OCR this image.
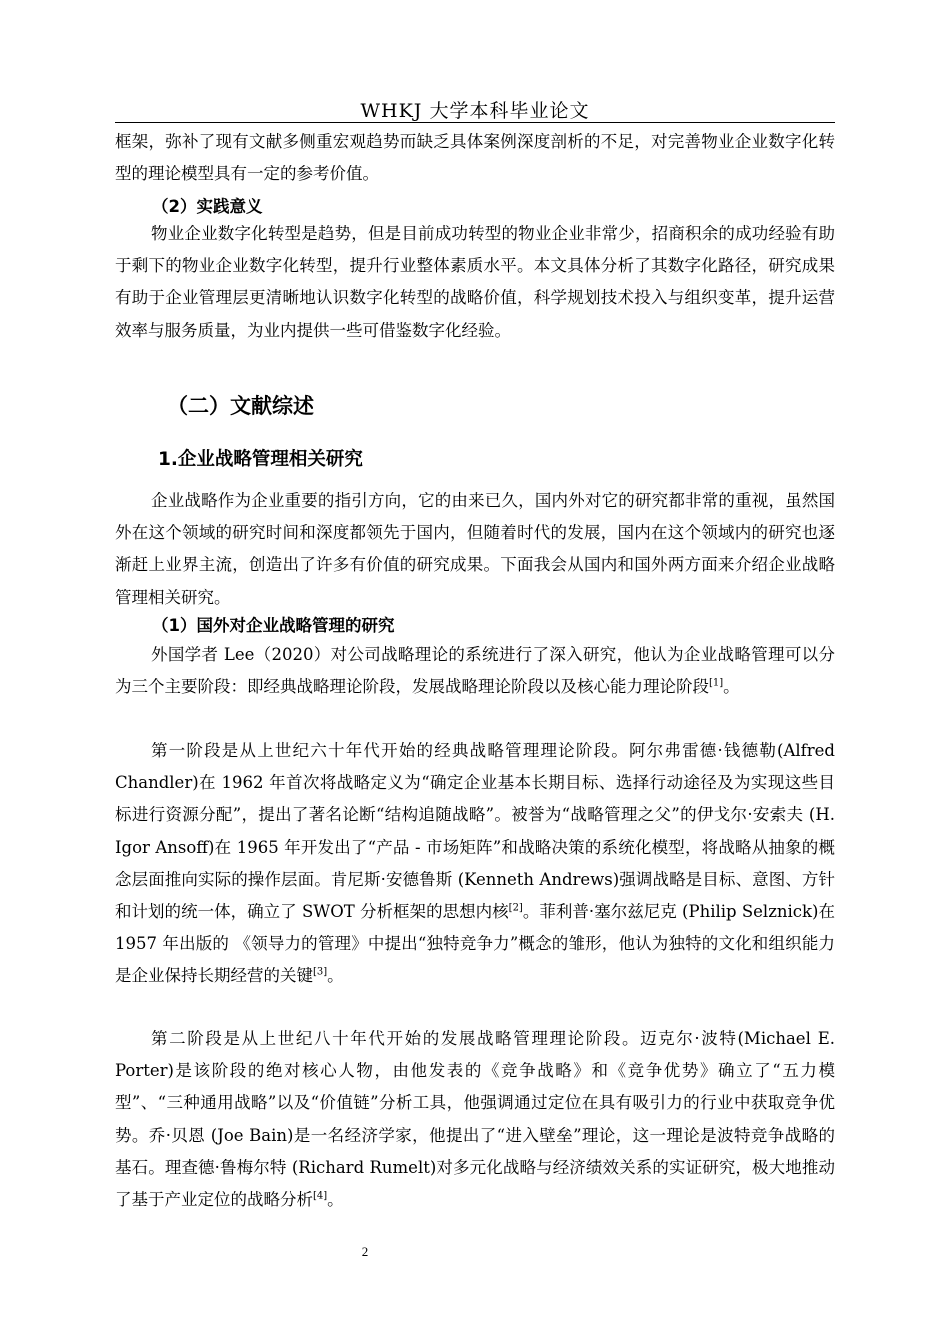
WHKJ 大学本科毕业论文
框架，弥补了现有文献多侧重宏观趋势而缺乏具体案例深度剖析的不足，对完善物业企业数字化转型的理论模型具有一定的参考价值。
（2）实践意义
物业企业数字化转型是趋势，但是目前成功转型的物业企业非常少，招商积余的成功经验有助于剩下的物业企业数字化转型，提升行业整体素质水平。本文具体分析了其数字化路径，研究成果有助于企业管理层更清晰地认识数字化转型的战略价值，科学规划技术投入与组织变革，提升运营效率与服务质量，为业内提供一些可借鉴数字化经验。
（二）文献综述
1.企业战略管理相关研究
企业战略作为企业重要的指引方向，它的由来已久，国内外对它的研究都非常的重视，虽然国外在这个领域的研究时间和深度都领先于国内，但随着时代的发展，国内在这个领域内的研究也逐渐赶上业界主流，创造出了许多有价值的研究成果。下面我会从国内和国外两方面来介绍企业战略管理相关研究。
（1）国外对企业战略管理的研究
外国学者 Lee（2020）对公司战略理论的系统进行了深入研究，他认为企业战略管理可以分为三个主要阶段：即经典战略理论阶段，发展战略理论阶段以及核心能力理论阶段[1]。
第一阶段是从上世纪六十年代开始的经典战略管理理论阶段。阿尔弗雷德·钱德勒(Alfred Chandler)在 1962 年首次将战略定义为“确定企业基本长期目标、选择行动途径及为实现这些目标进行资源分配”，提出了著名论断“结构追随战略”。被誉为“战略管理之父”的伊戈尔·安索夫 (H. Igor Ansoff)在 1965 年开发出了“产品 - 市场矩阵”和战略决策的系统化模型，将战略从抽象的概念层面推向实际的操作层面。肯尼斯·安德鲁斯 (Kenneth Andrews)强调战略是目标、意图、方针和计划的统一体，确立了 SWOT 分析框架的思想内核[2]。菲利普·塞尔兹尼克 (Philip Selznick)在 1957 年出版的 《领导力的管理》中提出“独特竞争力”概念的雏形，他认为独特的文化和组织能力是企业保持长期经营的关键[3]。
第二阶段是从上世纪八十年代开始的发展战略管理理论阶段。迈克尔·波特(Michael E. Porter)是该阶段的绝对核心人物，由他发表的《竞争战略》和《竞争优势》确立了“五力模型”、“三种通用战略”以及“价值链”分析工具，他强调通过定位在具有吸引力的行业中获取竞争优势。乔·贝恩 (Joe Bain)是一名经济学家，他提出了“进入壁垒”理论，这一理论是波特竞争战略的基石。理查德·鲁梅尔特 (Richard Rumelt)对多元化战略与经济绩效关系的实证研究，极大地推动了基于产业定位的战略分析[4]。
2
